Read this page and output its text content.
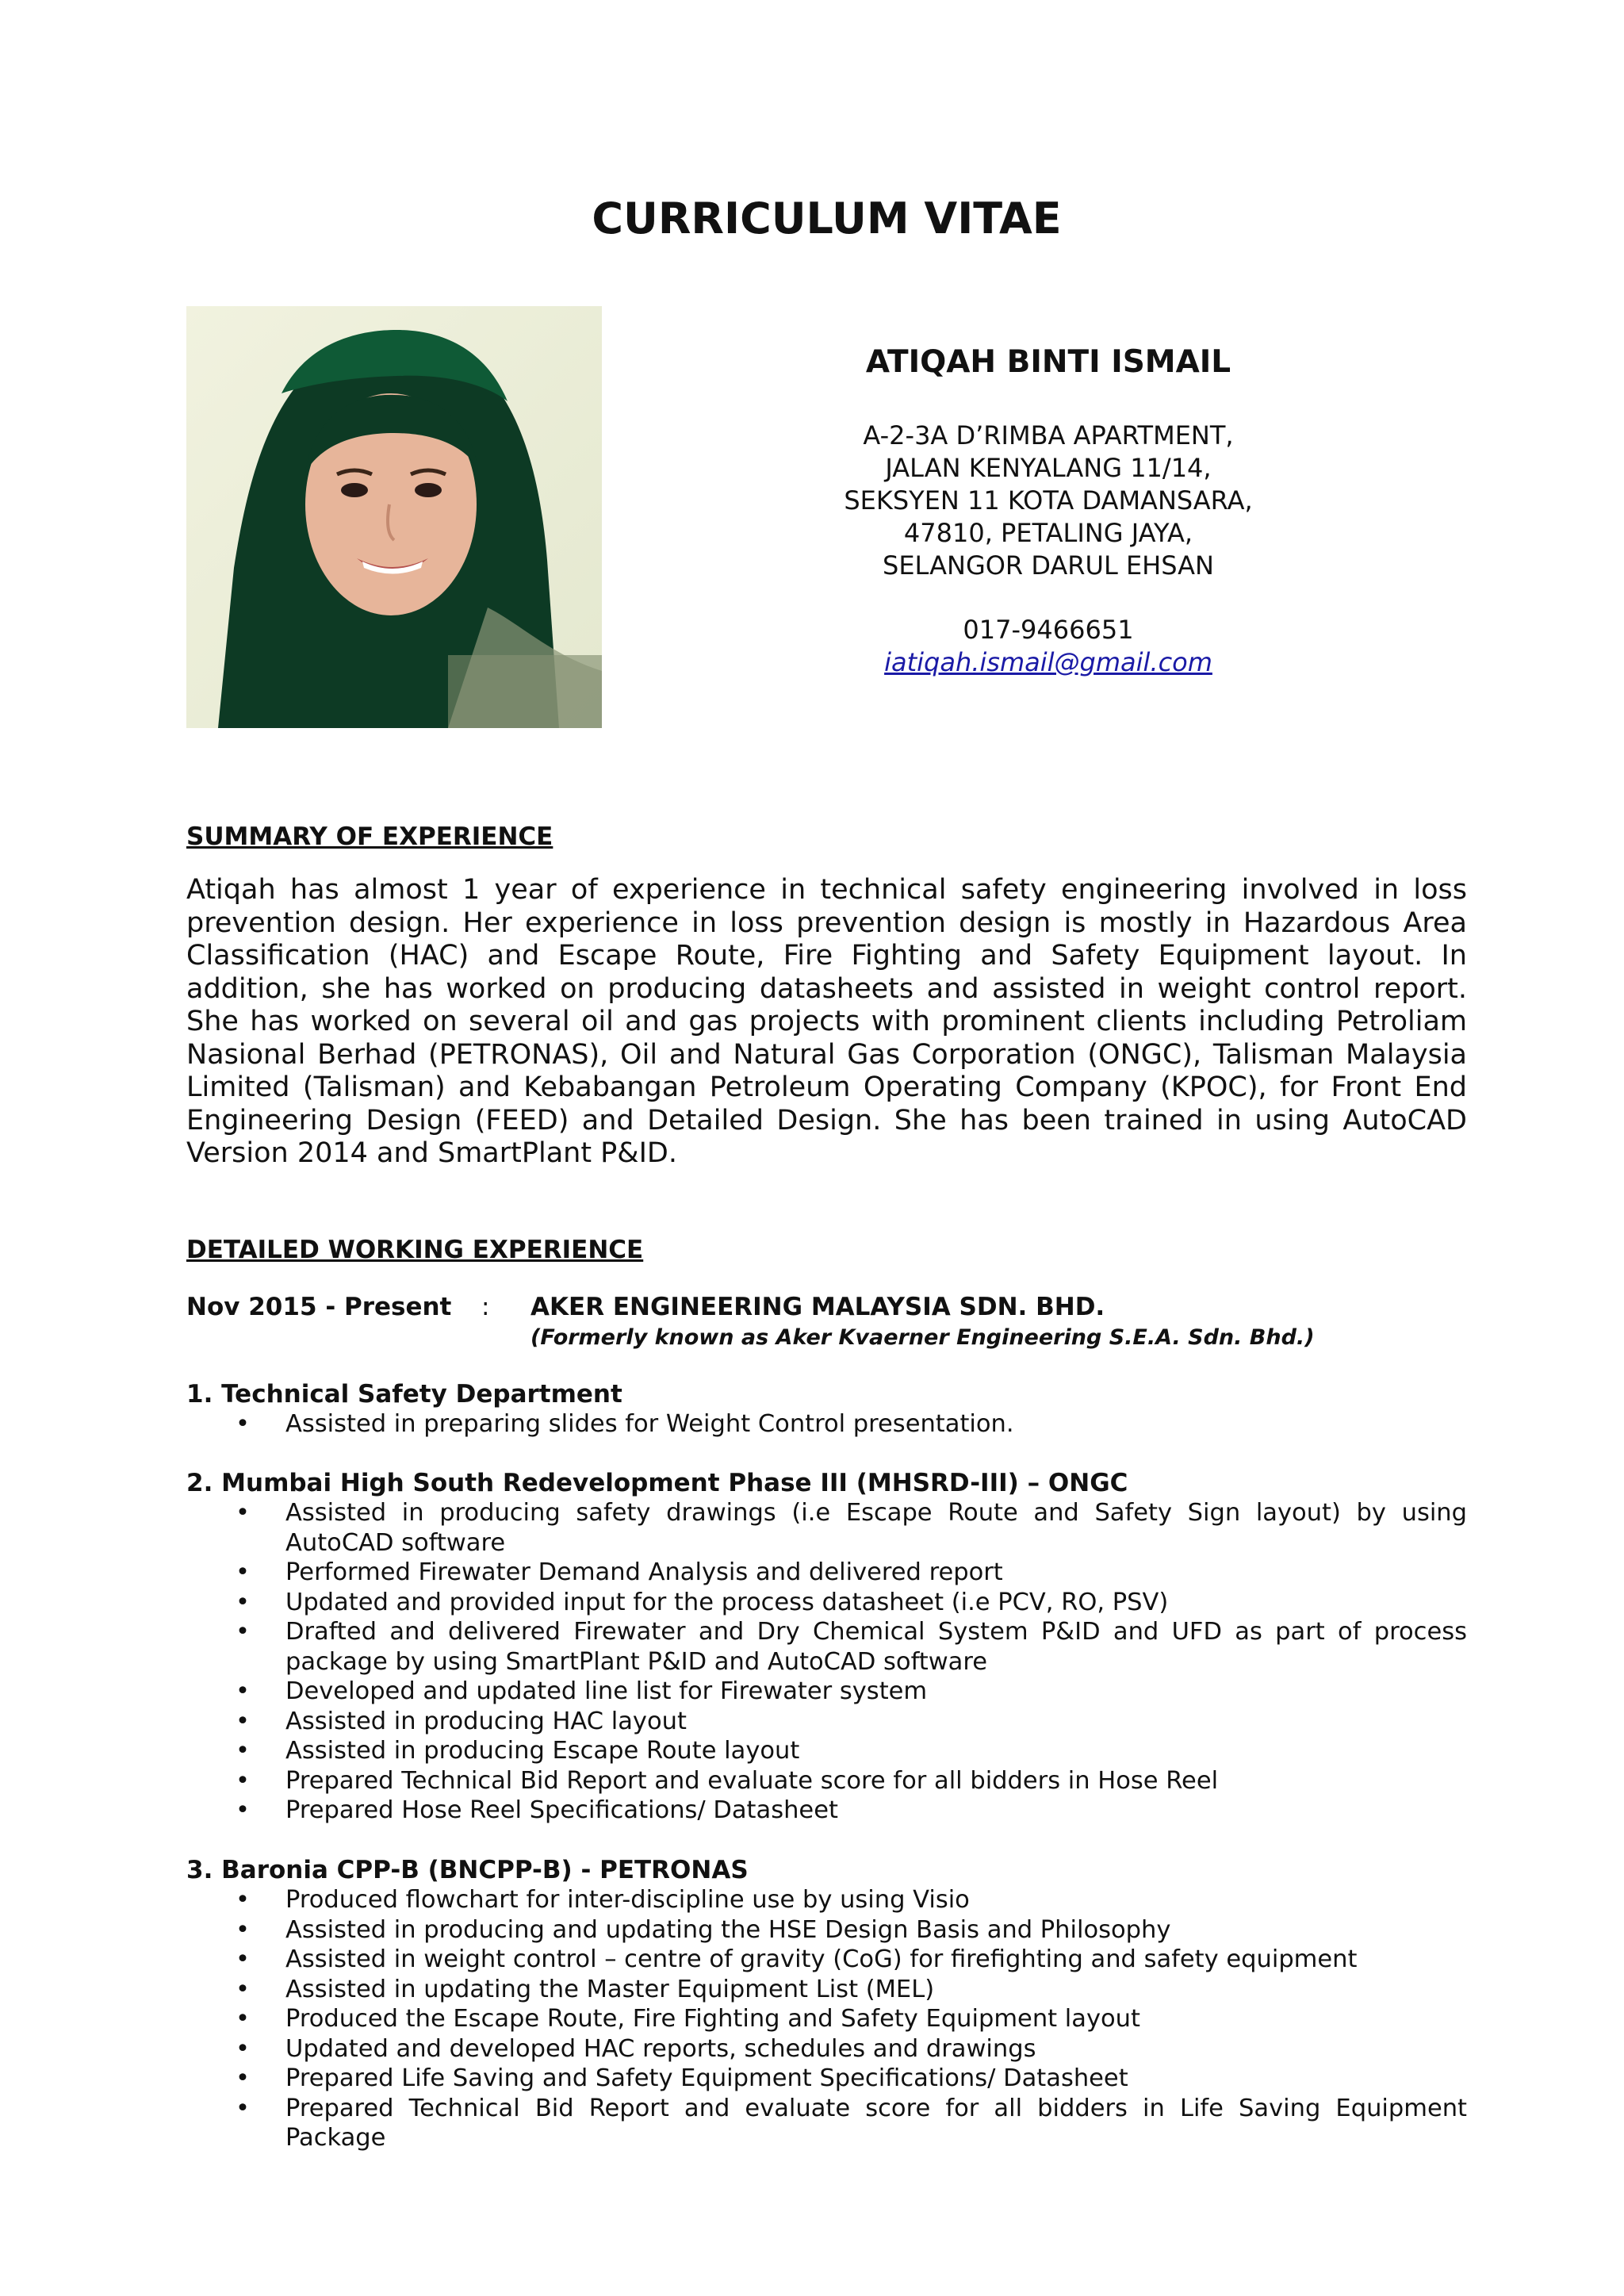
CURRICULUM VITAE
ATIQAH BINTI ISMAIL
A-2-3A D’RIMBA APARTMENT,
JALAN KENYALANG 11/14,
SEKSYEN 11 KOTA DAMANSARA,
47810, PETALING JAYA,
SELANGOR DARUL EHSAN
017-9466651
iatiqah.ismail@gmail.com
SUMMARY OF EXPERIENCE

Atiqah has almost 1 year of experience in technical safety engineering involved in loss prevention design. Her experience in loss prevention design is mostly in Hazardous Area Classification (HAC) and Escape Route, Fire Fighting and Safety Equipment layout. In addition, she has worked on producing datasheets and assisted in weight control report. She has worked on several oil and gas projects with prominent clients including Petroliam Nasional Berhad (PETRONAS), Oil and Natural Gas Corporation (ONGC), Talisman Malaysia Limited (Talisman) and Kebabangan Petroleum Operating Company (KPOC), for Front End Engineering Design (FEED) and Detailed Design. She has been trained in using AutoCAD Version 2014 and SmartPlant P&ID.

DETAILED WORKING EXPERIENCE
Nov 2015 - Present : AKER ENGINEERING MALAYSIA SDN. BHD.
(Formerly known as Aker Kvaerner Engineering S.E.A. Sdn. Bhd.)

1. Technical Safety Department

• Assisted in preparing slides for Weight Control presentation.

2. Mumbai High South Redevelopment Phase III (MHSRD-III) – ONGC

• Assisted in producing safety drawings (i.e Escape Route and Safety Sign layout) by using AutoCAD software
• Performed Firewater Demand Analysis and delivered report
• Updated and provided input for the process datasheet (i.e PCV, RO, PSV)
• Drafted and delivered Firewater and Dry Chemical System P&ID and UFD as part of process package by using SmartPlant P&ID and AutoCAD software
• Developed and updated line list for Firewater system
• Assisted in producing HAC layout
• Assisted in producing Escape Route layout
• Prepared Technical Bid Report and evaluate score for all bidders in Hose Reel
• Prepared Hose Reel Specifications/ Datasheet

3. Baronia CPP-B (BNCPP-B) - PETRONAS

• Produced flowchart for inter-discipline use by using Visio
• Assisted in producing and updating the HSE Design Basis and Philosophy
• Assisted in weight control – centre of gravity (CoG) for firefighting and safety equipment
• Assisted in updating the Master Equipment List (MEL)
• Produced the Escape Route, Fire Fighting and Safety Equipment layout
• Updated and developed HAC reports, schedules and drawings
• Prepared Life Saving and Safety Equipment Specifications/ Datasheet
• Prepared Technical Bid Report and evaluate score for all bidders in Life Saving Equipment Package
